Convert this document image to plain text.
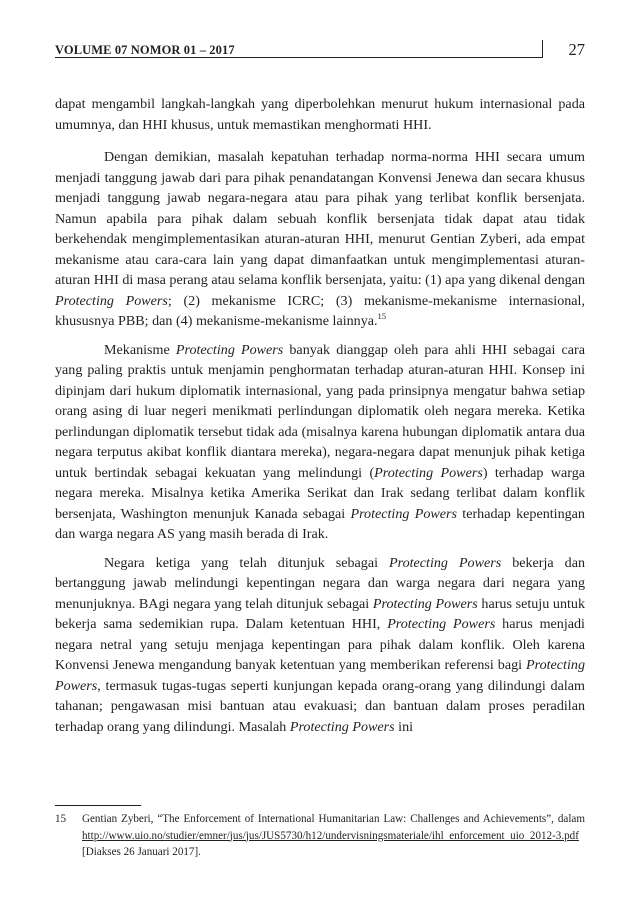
VOLUME 07 NOMOR 01 – 2017	27

dapat mengambil langkah-langkah yang diperbolehkan menurut hukum internasional pada umumnya, dan HHI khusus, untuk memastikan menghormati HHI.

Dengan demikian, masalah kepatuhan terhadap norma-norma HHI secara umum menjadi tanggung jawab dari para pihak penandatangan Konvensi Jenewa dan secara khusus menjadi tanggung jawab negara-negara atau para pihak yang terlibat konflik bersenjata. Namun apabila para pihak dalam sebuah konflik bersenjata tidak dapat atau tidak berkehendak mengimplementasikan aturan-aturan HHI, menurut Gentian Zyberi, ada empat mekanisme atau cara-cara lain yang dapat dimanfaatkan untuk mengimplementasi aturan-aturan HHI di masa perang atau selama konflik bersenjata, yaitu: (1) apa yang dikenal dengan Protecting Powers; (2) mekanisme ICRC; (3) mekanisme-mekanisme internasional, khususnya PBB; dan (4) mekanisme-mekanisme lainnya.$^{15}$

Mekanisme Protecting Powers banyak dianggap oleh para ahli HHI sebagai cara yang paling praktis untuk menjamin penghormatan terhadap aturan-aturan HHI. Konsep ini dipinjam dari hukum diplomatik internasional, yang pada prinsipnya mengatur bahwa setiap orang asing di luar negeri menikmati perlindungan diplomatik oleh negara mereka. Ketika perlindungan diplomatik tersebut tidak ada (misalnya karena hubungan diplomatik antara dua negara terputus akibat konflik diantara mereka), negara-negara dapat menunjuk pihak ketiga untuk bertindak sebagai kekuatan yang melindungi (Protecting Powers) terhadap warga negara mereka. Misalnya ketika Amerika Serikat dan Irak sedang terlibat dalam konflik bersenjata, Washington menunjuk Kanada sebagai Protecting Powers terhadap kepentingan dan warga negara AS yang masih berada di Irak.

Negara ketiga yang telah ditunjuk sebagai Protecting Powers bekerja dan bertanggung jawab melindungi kepentingan negara dan warga negara dari negara yang menunjuknya. BAgi negara yang telah ditunjuk sebagai Protecting Powers harus setuju untuk bekerja sama sedemikian rupa. Dalam ketentuan HHI, Protecting Powers harus menjadi negara netral yang setuju menjaga kepentingan para pihak dalam konflik. Oleh karena Konvensi Jenewa mengandung banyak ketentuan yang memberikan referensi bagi Protecting Powers, termasuk tugas-tugas seperti kunjungan kepada orang-orang yang dilindungi dalam tahanan; pengawasan misi bantuan atau evakuasi; dan bantuan dalam proses peradilan terhadap orang yang dilindungi. Masalah Protecting Powers ini

15 Gentian Zyberi, “The Enforcement of International Humanitarian Law: Challenges and Achievements”, dalam http://www.uio.no/studier/emner/jus/jus/JUS5730/h12/undervisningsmateriale/ihl_enforcement_uio_2012-3.pdf [Diakses 26 Januari 2017].
